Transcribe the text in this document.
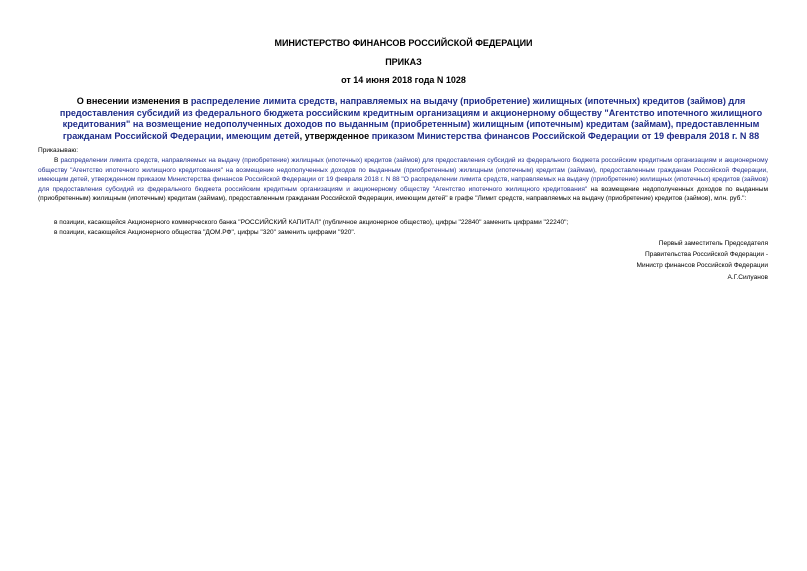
МИНИСТЕРСТВО ФИНАНСОВ РОССИЙСКОЙ ФЕДЕРАЦИИ
ПРИКАЗ
от 14 июня 2018 года N 1028
О внесении изменения в распределение лимита средств, направляемых на выдачу (приобретение) жилищных (ипотечных) кредитов (займов) для предоставления субсидий из федерального бюджета российским кредитным организациям и акционерному обществу "Агентство ипотечного жилищного кредитования" на возмещение недополученных доходов по выданным (приобретенным) жилищным (ипотечным) кредитам (займам), предоставленным гражданам Российской Федерации, имеющим детей, утвержденное приказом Министерства финансов Российской Федерации от 19 февраля 2018 г. N 88
Приказываю:
В распределении лимита средств, направляемых на выдачу (приобретение) жилищных (ипотечных) кредитов (займов) для предоставления субсидий из федерального бюджета российским кредитным организациям и акционерному обществу "Агентство ипотечного жилищного кредитования" на возмещение недополученных доходов по выданным (приобретенным) жилищным (ипотечным) кредитам (займам), предоставленным гражданам Российской Федерации, имеющим детей, утвержденном приказом Министерства финансов Российской Федерации от 19 февраля 2018 г. N 88 "О распределении лимита средств, направляемых на выдачу (приобретение) жилищных (ипотечных) кредитов (займов) для предоставления субсидий из федерального бюджета российским кредитным организациям и акционерному обществу "Агентство ипотечного жилищного кредитования" на возмещение недополученных доходов по выданным (приобретенным) жилищным (ипотечным) кредитам (займам), предоставленным гражданам Российской Федерации, имеющим детей" в графе "Лимит средств, направляемых на выдачу (приобретение) кредитов (займов), млн. руб.":
в позиции, касающейся Акционерного коммерческого банка "РОССИЙСКИЙ КАПИТАЛ" (публичное акционерное общество), цифры "22840" заменить цифрами "22240";
в позиции, касающейся Акционерного общества "ДОМ.РФ", цифры "320" заменить цифрами "920".
Первый заместитель Председателя
Правительства Российской Федерации -
Министр финансов Российской Федерации
А.Г.Силуанов
